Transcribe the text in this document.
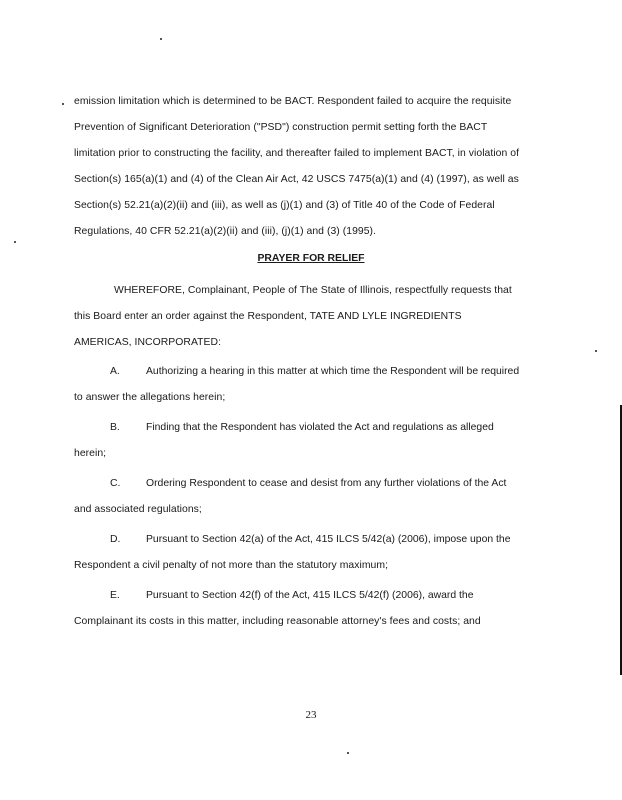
emission limitation which is determined to be BACT. Respondent failed to acquire the requisite
Prevention of Significant Deterioration ("PSD") construction permit setting forth the BACT
limitation prior to constructing the facility, and thereafter failed to implement BACT, in violation of
Section(s) 165(a)(1) and (4) of the Clean Air Act, 42 USCS 7475(a)(1) and (4) (1997), as well as
Section(s) 52.21(a)(2)(ii) and (iii), as well as (j)(1) and (3) of Title 40 of the Code of Federal
Regulations, 40 CFR 52.21(a)(2)(ii) and (iii), (j)(1) and (3) (1995).
PRAYER FOR RELIEF
WHEREFORE, Complainant, People of The State of Illinois, respectfully requests that
this Board enter an order against the Respondent, TATE AND LYLE INGREDIENTS
AMERICAS, INCORPORATED:
A.	Authorizing a hearing in this matter at which time the Respondent will be required
to answer the allegations herein;
B.	Finding that the Respondent has violated the Act and regulations as alleged
herein;
C. Ordering Respondent to cease and desist from any further violations of the Act
and associated regulations;
D. Pursuant to Section 42(a) of the Act, 415 ILCS 5/42(a) (2006), impose upon the
Respondent a civil penalty of not more than the statutory maximum;
E.	Pursuant to Section 42(f) of the Act, 415 ILCS 5/42(f) (2006), award the
Complainant its costs in this matter, including reasonable attorney's fees and costs; and
23
